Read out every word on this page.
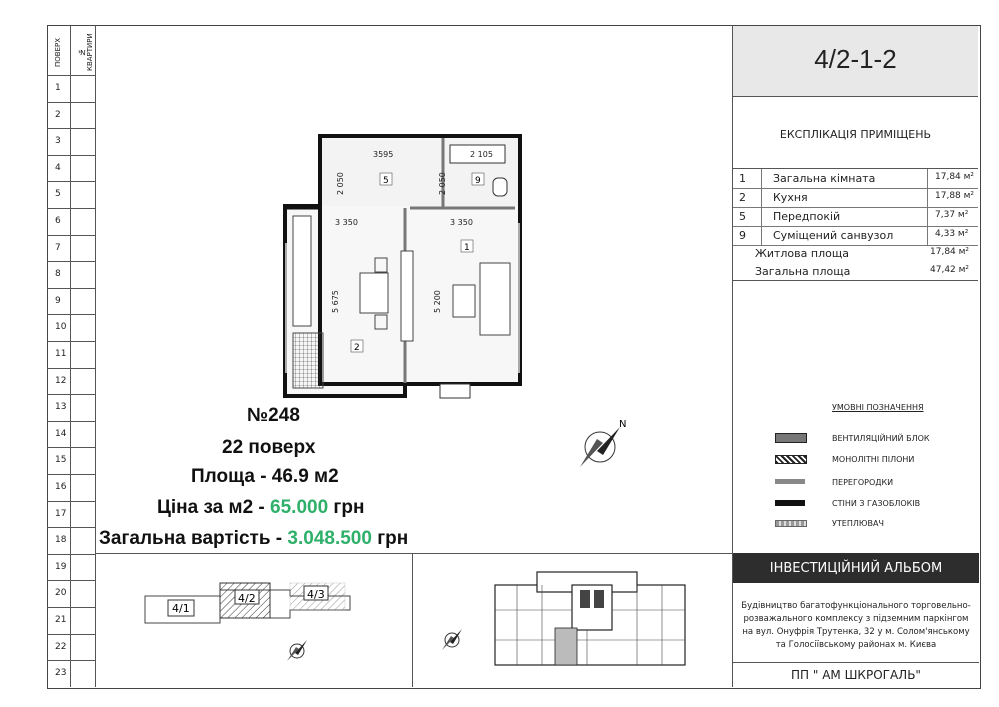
ПОВЕРХ № КВАРТИРИ
1
2
3
4
5
6
7
8
9
10
11
12
13
14
15
16
17
18
19
20
21
22
23
4/2-1-2
ЕКСПЛІКАЦІЯ ПРИМІЩЕНЬ
1 Загальна кімната	17,84 м²
2 Кухня	17,88 м²
5 Передпокій	7,37 м²
9 Суміщений санвузол	4,33 м²
Житлова площа	17,84 м²
Загальна площа	47,42 м²
УМОВНІ ПОЗНАЧЕННЯ
ВЕНТИЛЯЦІЙНИЙ БЛОК
МОНОЛІТНІ ПІЛОНИ
ПЕРЕГОРОДКИ
СТІНИ З ГАЗОБЛОКІВ
УТЕПЛЮВАЧ
ІНВЕСТИЦІЙНИЙ АЛЬБОМ
Будівництво багатофункціонального торговельно-
розважального комплексу з підземним паркінгом
на вул. Онуфрія Трутенка, 32 у м. Солом'янському
та Голосіївському районах м. Києва
ПП " АМ ШКРОГАЛЬ"
3595	2 105
2 050	2 050
3 350	3 350
5 675	5 200
5	9
1
2
N
№248
22 поверх
Площа - 46.9 м2
Ціна за м2 - 65.000 грн
Загальна вартість - 3.048.500 грн
4/1
4/2	4/3
